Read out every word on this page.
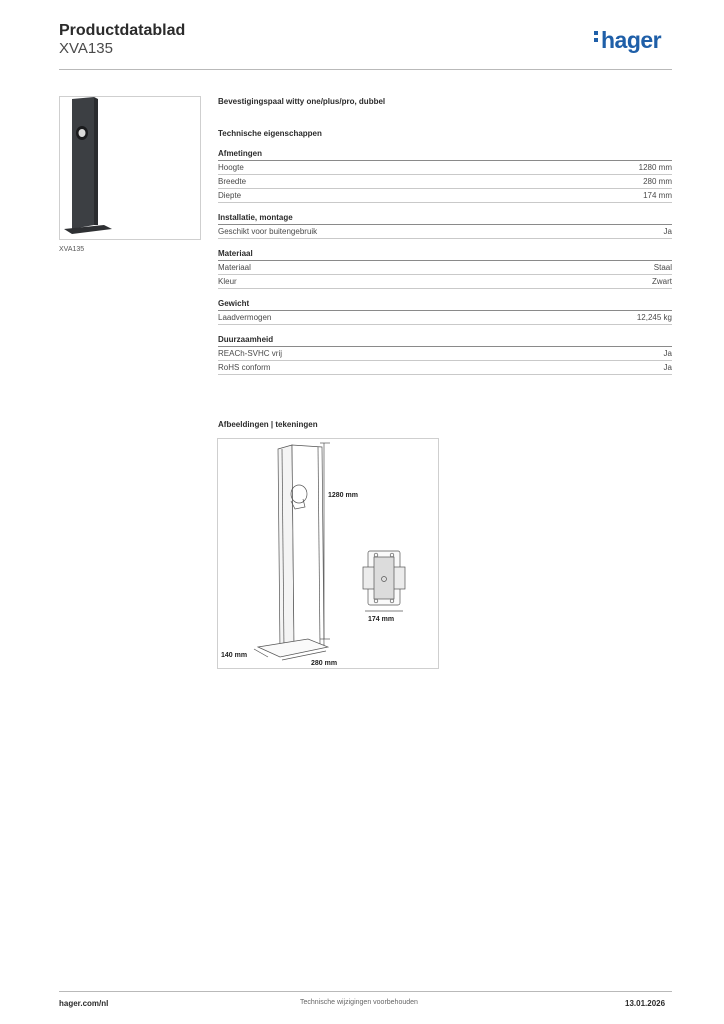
Productdatablad
XVA135	hager
XVA135
Bevestigingspaal witty one/plus/pro, dubbel
Technische eigenschappen
Afmetingen
Hoogte	1280 mm
Breedte	280 mm
Diepte	174 mm
Installatie, montage
Geschikt voor buitengebruik	Ja
Materiaal
Materiaal	Staal
Kleur	Zwart
Gewicht
Laadvermogen	12,245 kg
Duurzaamheid
REACh-SVHC vrij	Ja
RoHS conform	Ja
Afbeeldingen | tekeningen
1280 mm
174 mm
140 mm
280 mm
hager.com/nl	Technische wijzigingen voorbehouden	13.01.2026
